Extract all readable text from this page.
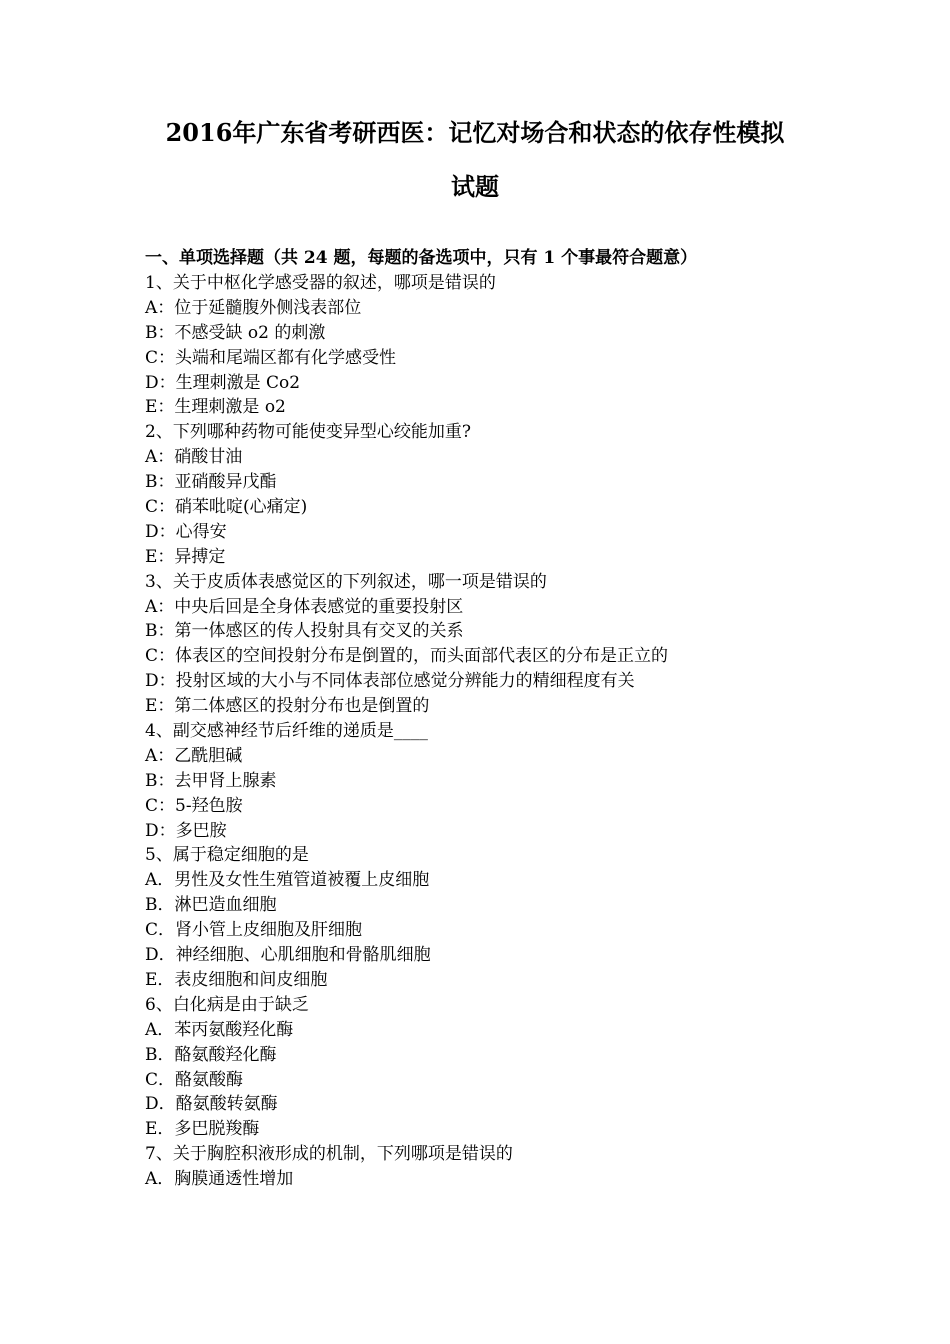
2016年广东省考研西医：记忆对场合和状态的依存性模拟
试题
一、单项选择题（共 24 题，每题的备选项中，只有 1 个事最符合题意）
1、关于中枢化学感受器的叙述，哪项是错误的
A：位于延髓腹外侧浅表部位
B：不感受缺 o2 的刺激
C：头端和尾端区都有化学感受性
D：生理刺激是 Co2
E：生理刺激是 o2
2、下列哪种药物可能使变异型心绞能加重?
A：硝酸甘油
B：亚硝酸异戊酯
C：硝苯吡啶(心痛定)
D：心得安
E：异搏定
3、关于皮质体表感觉区的下列叙述，哪一项是错误的
A：中央后回是全身体表感觉的重要投射区
B：第一体感区的传人投射具有交叉的关系
C：体表区的空间投射分布是倒置的，而头面部代表区的分布是正立的
D：投射区域的大小与不同体表部位感觉分辨能力的精细程度有关
E：第二体感区的投射分布也是倒置的
4、副交感神经节后纤维的递质是____
A：乙酰胆碱
B：去甲肾上腺素
C：5-羟色胺
D：多巴胺
5、属于稳定细胞的是
A．男性及女性生殖管道被覆上皮细胞
B．淋巴造血细胞
C．肾小管上皮细胞及肝细胞
D．神经细胞、心肌细胞和骨骼肌细胞
E．表皮细胞和间皮细胞
6、白化病是由于缺乏
A．苯丙氨酸羟化酶
B．酪氨酸羟化酶
C．酪氨酸酶
D．酪氨酸转氨酶
E．多巴脱羧酶
7、关于胸腔积液形成的机制，下列哪项是错误的
A．胸膜通透性增加
